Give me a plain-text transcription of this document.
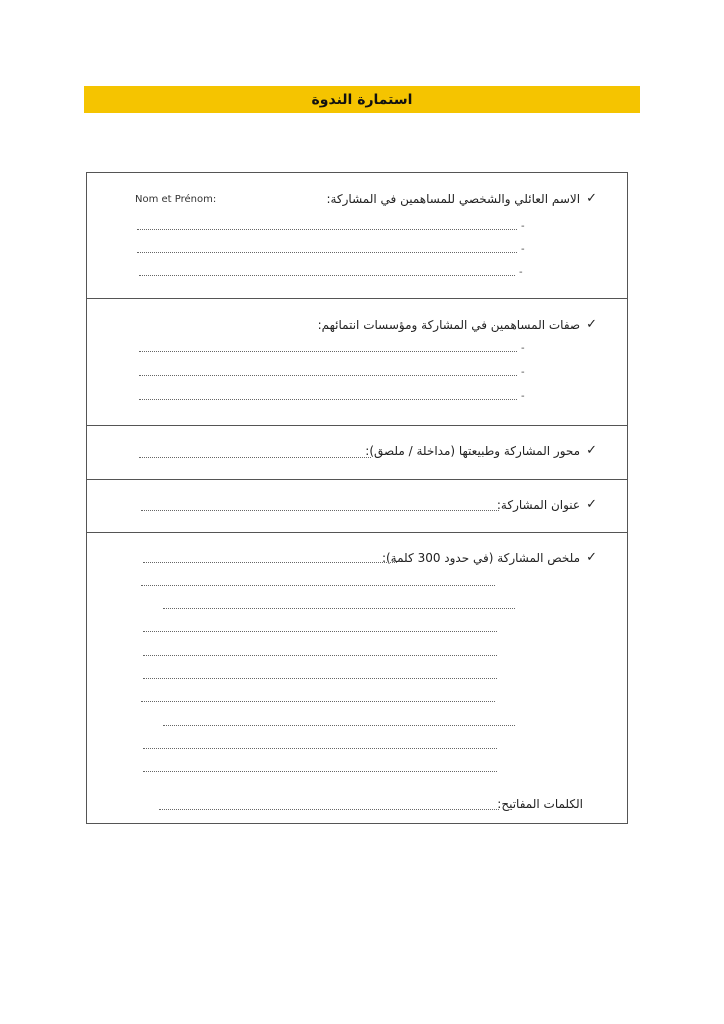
استمارة الندوة
✓
الاسم العائلي والشخصي للمساهمين في المشاركة:
Nom et Prénom:
-
-
-
✓
صفات المساهمين في المشاركة ومؤسسات انتمائهم:
-
-
-
✓
محور المشاركة وطبيعتها (مداخلة / ملصق):
✓
عنوان المشاركة:
✓
ملخص المشاركة (في حدود 300 كلمة):
الكلمات المفاتيح:
